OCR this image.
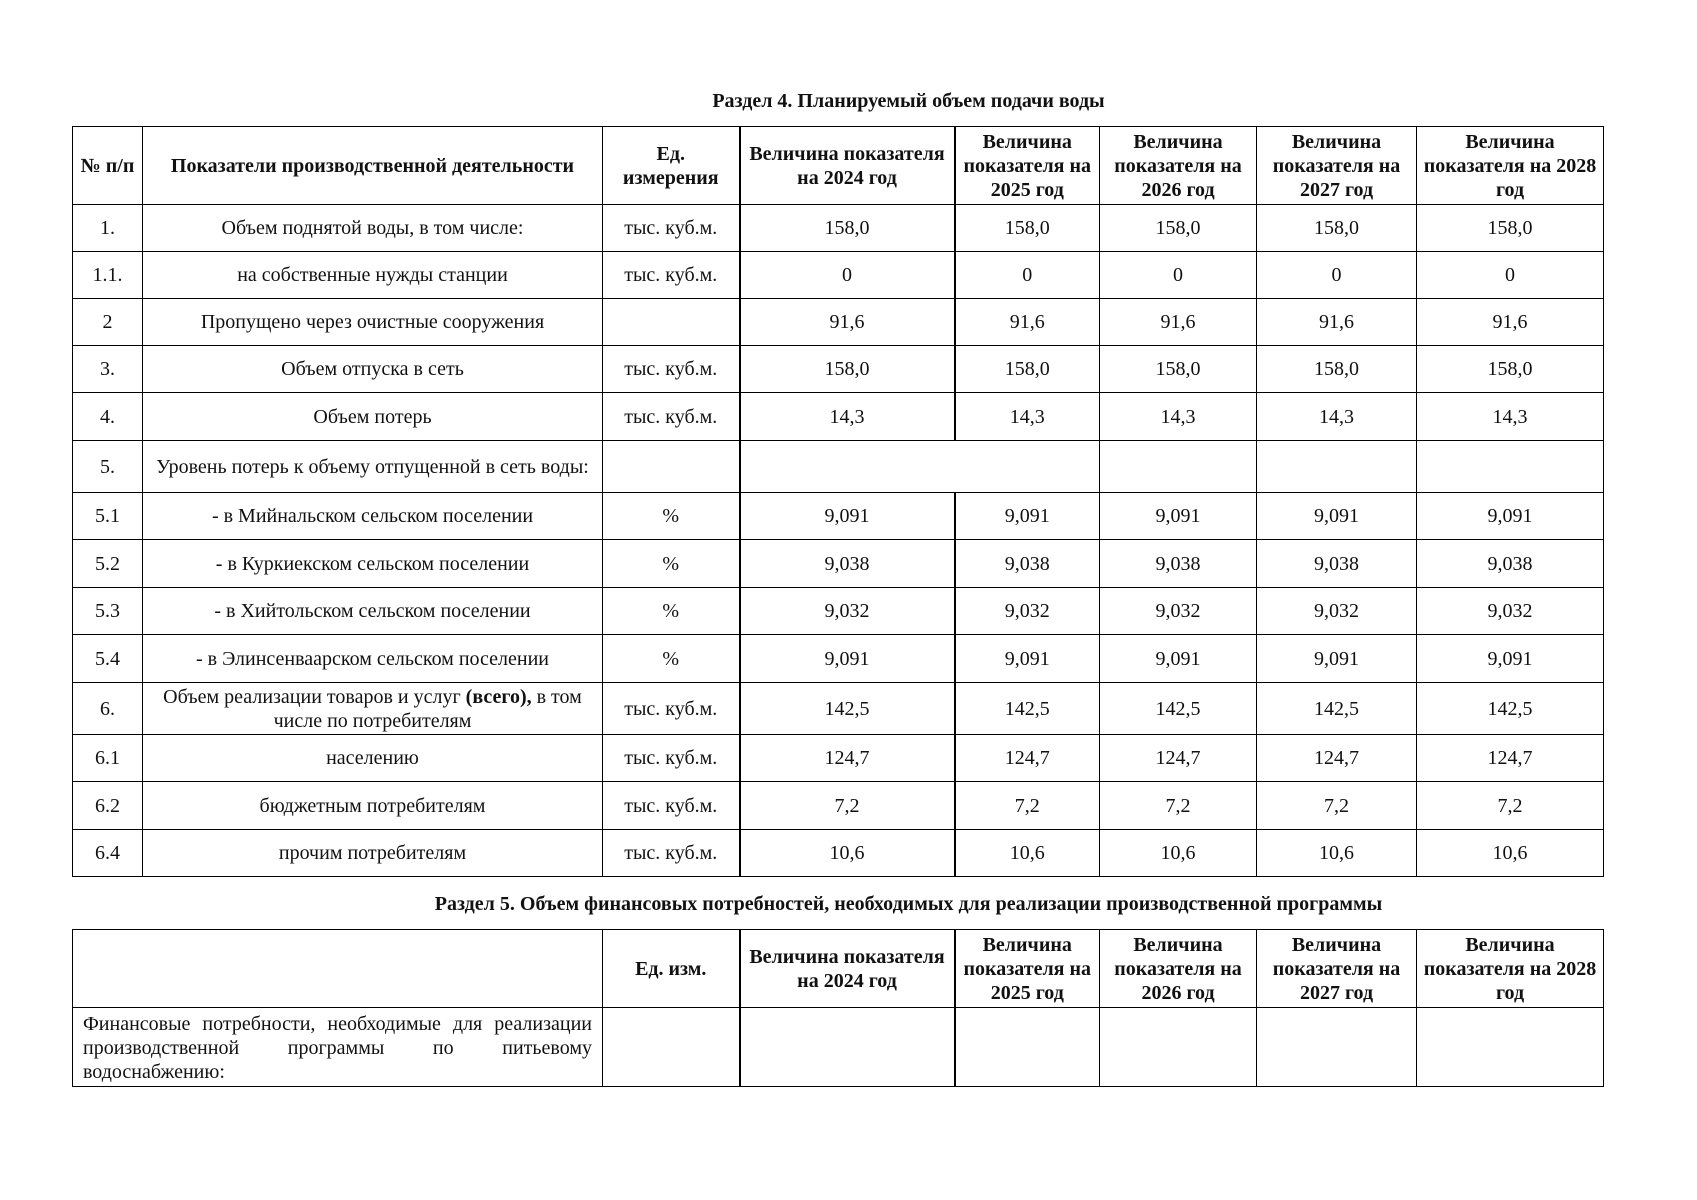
Раздел 4. Планируемый объем подачи воды
№ п/п	Показатели производственной деятельности	Ед. измерения	Величина показателя на 2024 год	Величина показателя на 2025 год	Величина показателя на 2026 год	Величина показателя на 2027 год	Величина показателя на 2028 год
1.	Объем поднятой воды, в том числе:	тыс. куб.м.	158,0	158,0	158,0	158,0	158,0
1.1.	на собственные нужды станции	тыс. куб.м.	0	0	0	0	0
2	Пропущено через очистные сооружения		91,6	91,6	91,6	91,6	91,6
3.	Объем отпуска в сеть	тыс. куб.м.	158,0	158,0	158,0	158,0	158,0
4.	Объем потерь	тыс. куб.м.	14,3	14,3	14,3	14,3	14,3
5.	Уровень потерь к объему отпущенной в сеть воды:						
5.1	- в Мийнальском сельском поселении	%	9,091	9,091	9,091	9,091	9,091
5.2	- в Куркиекском сельском поселении	%	9,038	9,038	9,038	9,038	9,038
5.3	- в Хийтольском сельском поселении	%	9,032	9,032	9,032	9,032	9,032
5.4	- в Элинсенваарском сельском поселении	%	9,091	9,091	9,091	9,091	9,091
6.	Объем реализации товаров и услуг (всего), в том числе по потребителям	тыс. куб.м.	142,5	142,5	142,5	142,5	142,5
6.1	населению	тыс. куб.м.	124,7	124,7	124,7	124,7	124,7
6.2	бюджетным потребителям	тыс. куб.м.	7,2	7,2	7,2	7,2	7,2
6.4	прочим потребителям	тыс. куб.м.	10,6	10,6	10,6	10,6	10,6
Раздел 5. Объем финансовых потребностей, необходимых для реализации производственной программы
	Ед. изм.	Величина показателя на 2024 год	Величина показателя на 2025 год	Величина показателя на 2026 год	Величина показателя на 2027 год	Величина показателя на 2028 год
Финансовые потребности, необходимые для реализации производственной программы по питьевому водоснабжению:						
